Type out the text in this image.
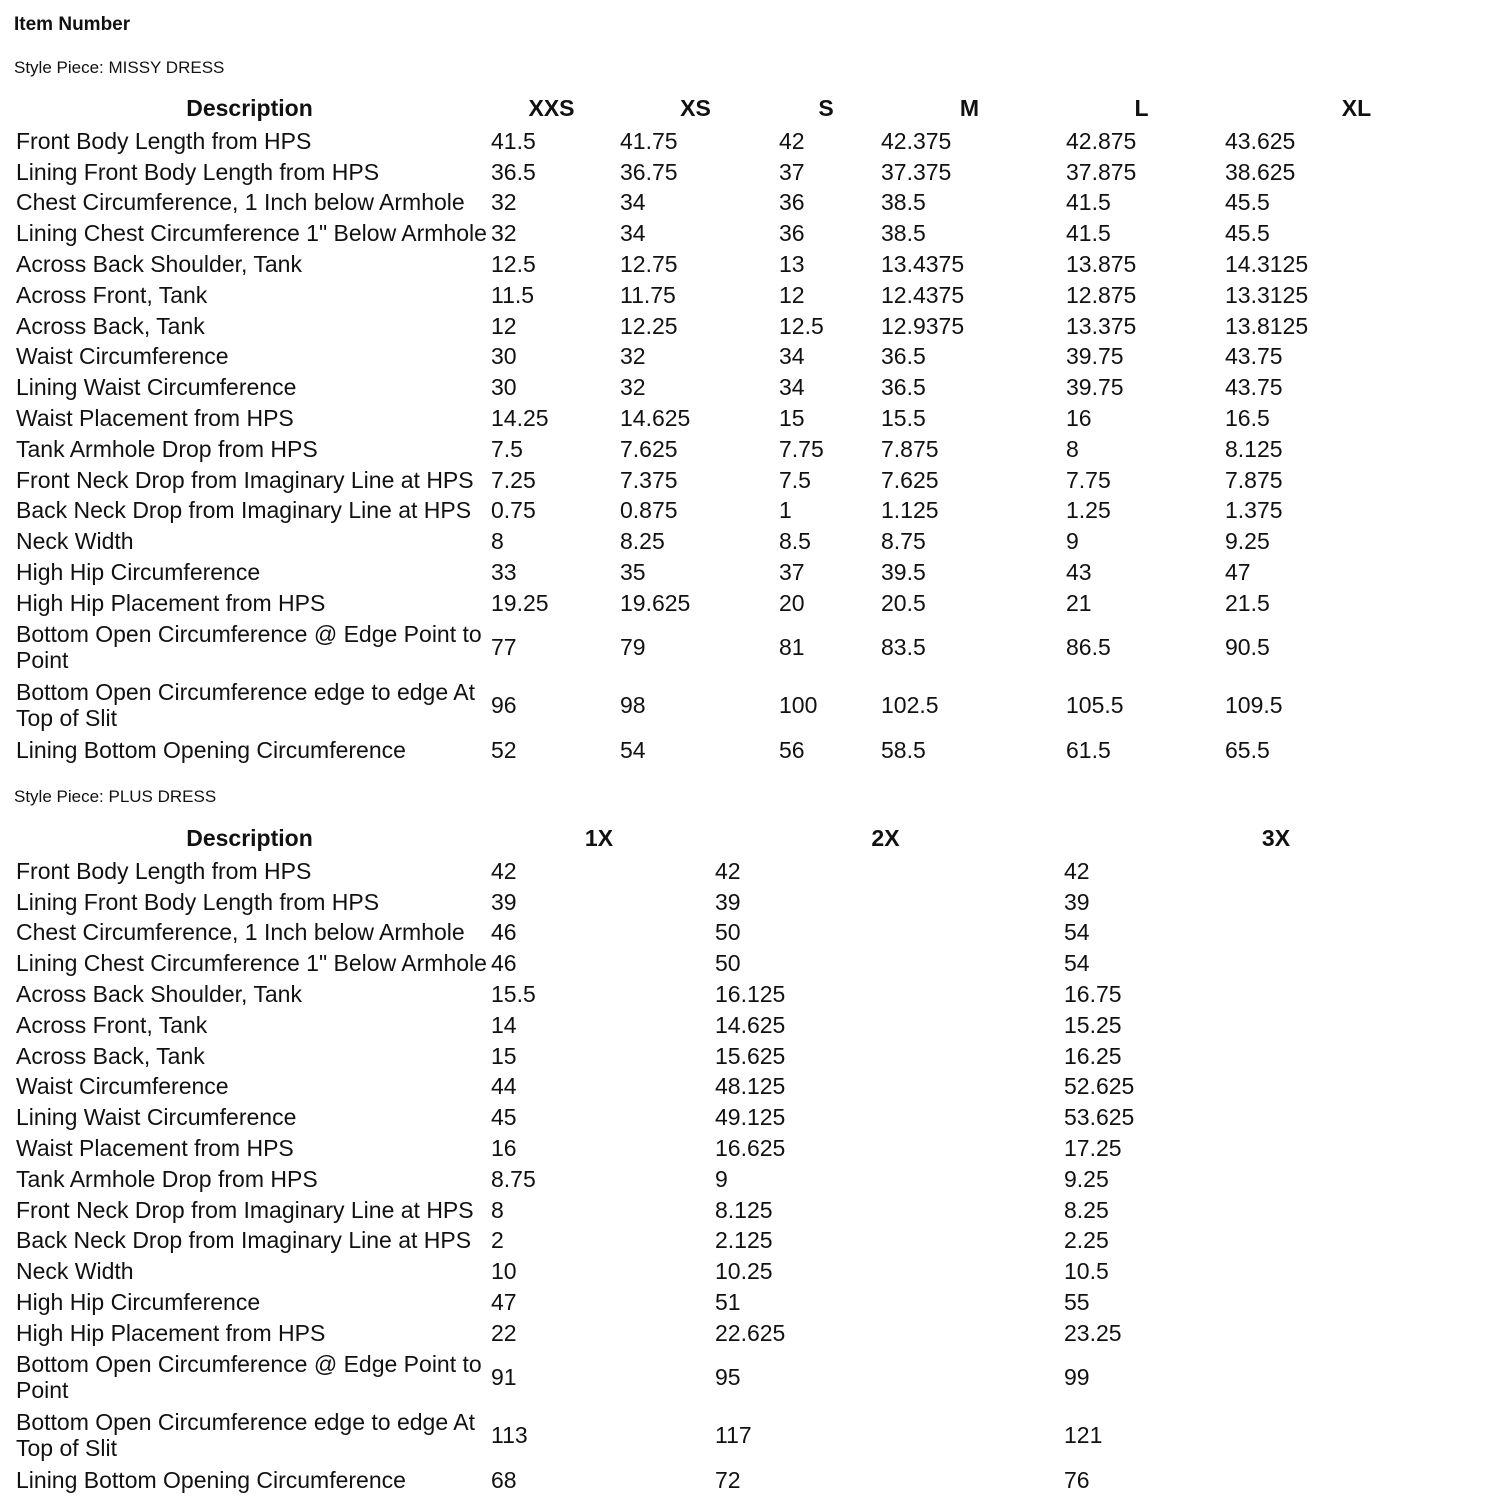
Item Number
Style Piece: MISSY DRESS
Description	XXS	XS	S	M	L	XL
Front Body Length from HPS	41.5	41.75	42	42.375	42.875	43.625
Lining Front Body Length from HPS	36.5	36.75	37	37.375	37.875	38.625
Chest Circumference, 1 Inch below Armhole	32	34	36	38.5	41.5	45.5
Lining Chest Circumference 1" Below Armhole	32	34	36	38.5	41.5	45.5
Across Back Shoulder, Tank	12.5	12.75	13	13.4375	13.875	14.3125
Across Front, Tank	11.5	11.75	12	12.4375	12.875	13.3125
Across Back, Tank	12	12.25	12.5	12.9375	13.375	13.8125
Waist Circumference	30	32	34	36.5	39.75	43.75
Lining Waist Circumference	30	32	34	36.5	39.75	43.75
Waist Placement from HPS	14.25	14.625	15	15.5	16	16.5
Tank Armhole Drop from HPS	7.5	7.625	7.75	7.875	8	8.125
Front Neck Drop from Imaginary Line at HPS	7.25	7.375	7.5	7.625	7.75	7.875
Back Neck Drop from Imaginary Line at HPS	0.75	0.875	1	1.125	1.25	1.375
Neck Width	8	8.25	8.5	8.75	9	9.25
High Hip Circumference	33	35	37	39.5	43	47
High Hip Placement from HPS	19.25	19.625	20	20.5	21	21.5
Bottom Open Circumference @ Edge Point to Point	77	79	81	83.5	86.5	90.5
Bottom Open Circumference edge to edge At Top of Slit	96	98	100	102.5	105.5	109.5
Lining Bottom Opening Circumference	52	54	56	58.5	61.5	65.5
Style Piece: PLUS DRESS
Description	1X	2X	3X
Front Body Length from HPS	42	42	42
Lining Front Body Length from HPS	39	39	39
Chest Circumference, 1 Inch below Armhole	46	50	54
Lining Chest Circumference 1" Below Armhole	46	50	54
Across Back Shoulder, Tank	15.5	16.125	16.75
Across Front, Tank	14	14.625	15.25
Across Back, Tank	15	15.625	16.25
Waist Circumference	44	48.125	52.625
Lining Waist Circumference	45	49.125	53.625
Waist Placement from HPS	16	16.625	17.25
Tank Armhole Drop from HPS	8.75	9	9.25
Front Neck Drop from Imaginary Line at HPS	8	8.125	8.25
Back Neck Drop from Imaginary Line at HPS	2	2.125	2.25
Neck Width	10	10.25	10.5
High Hip Circumference	47	51	55
High Hip Placement from HPS	22	22.625	23.25
Bottom Open Circumference @ Edge Point to Point	91	95	99
Bottom Open Circumference edge to edge At Top of Slit	113	117	121
Lining Bottom Opening Circumference	68	72	76
